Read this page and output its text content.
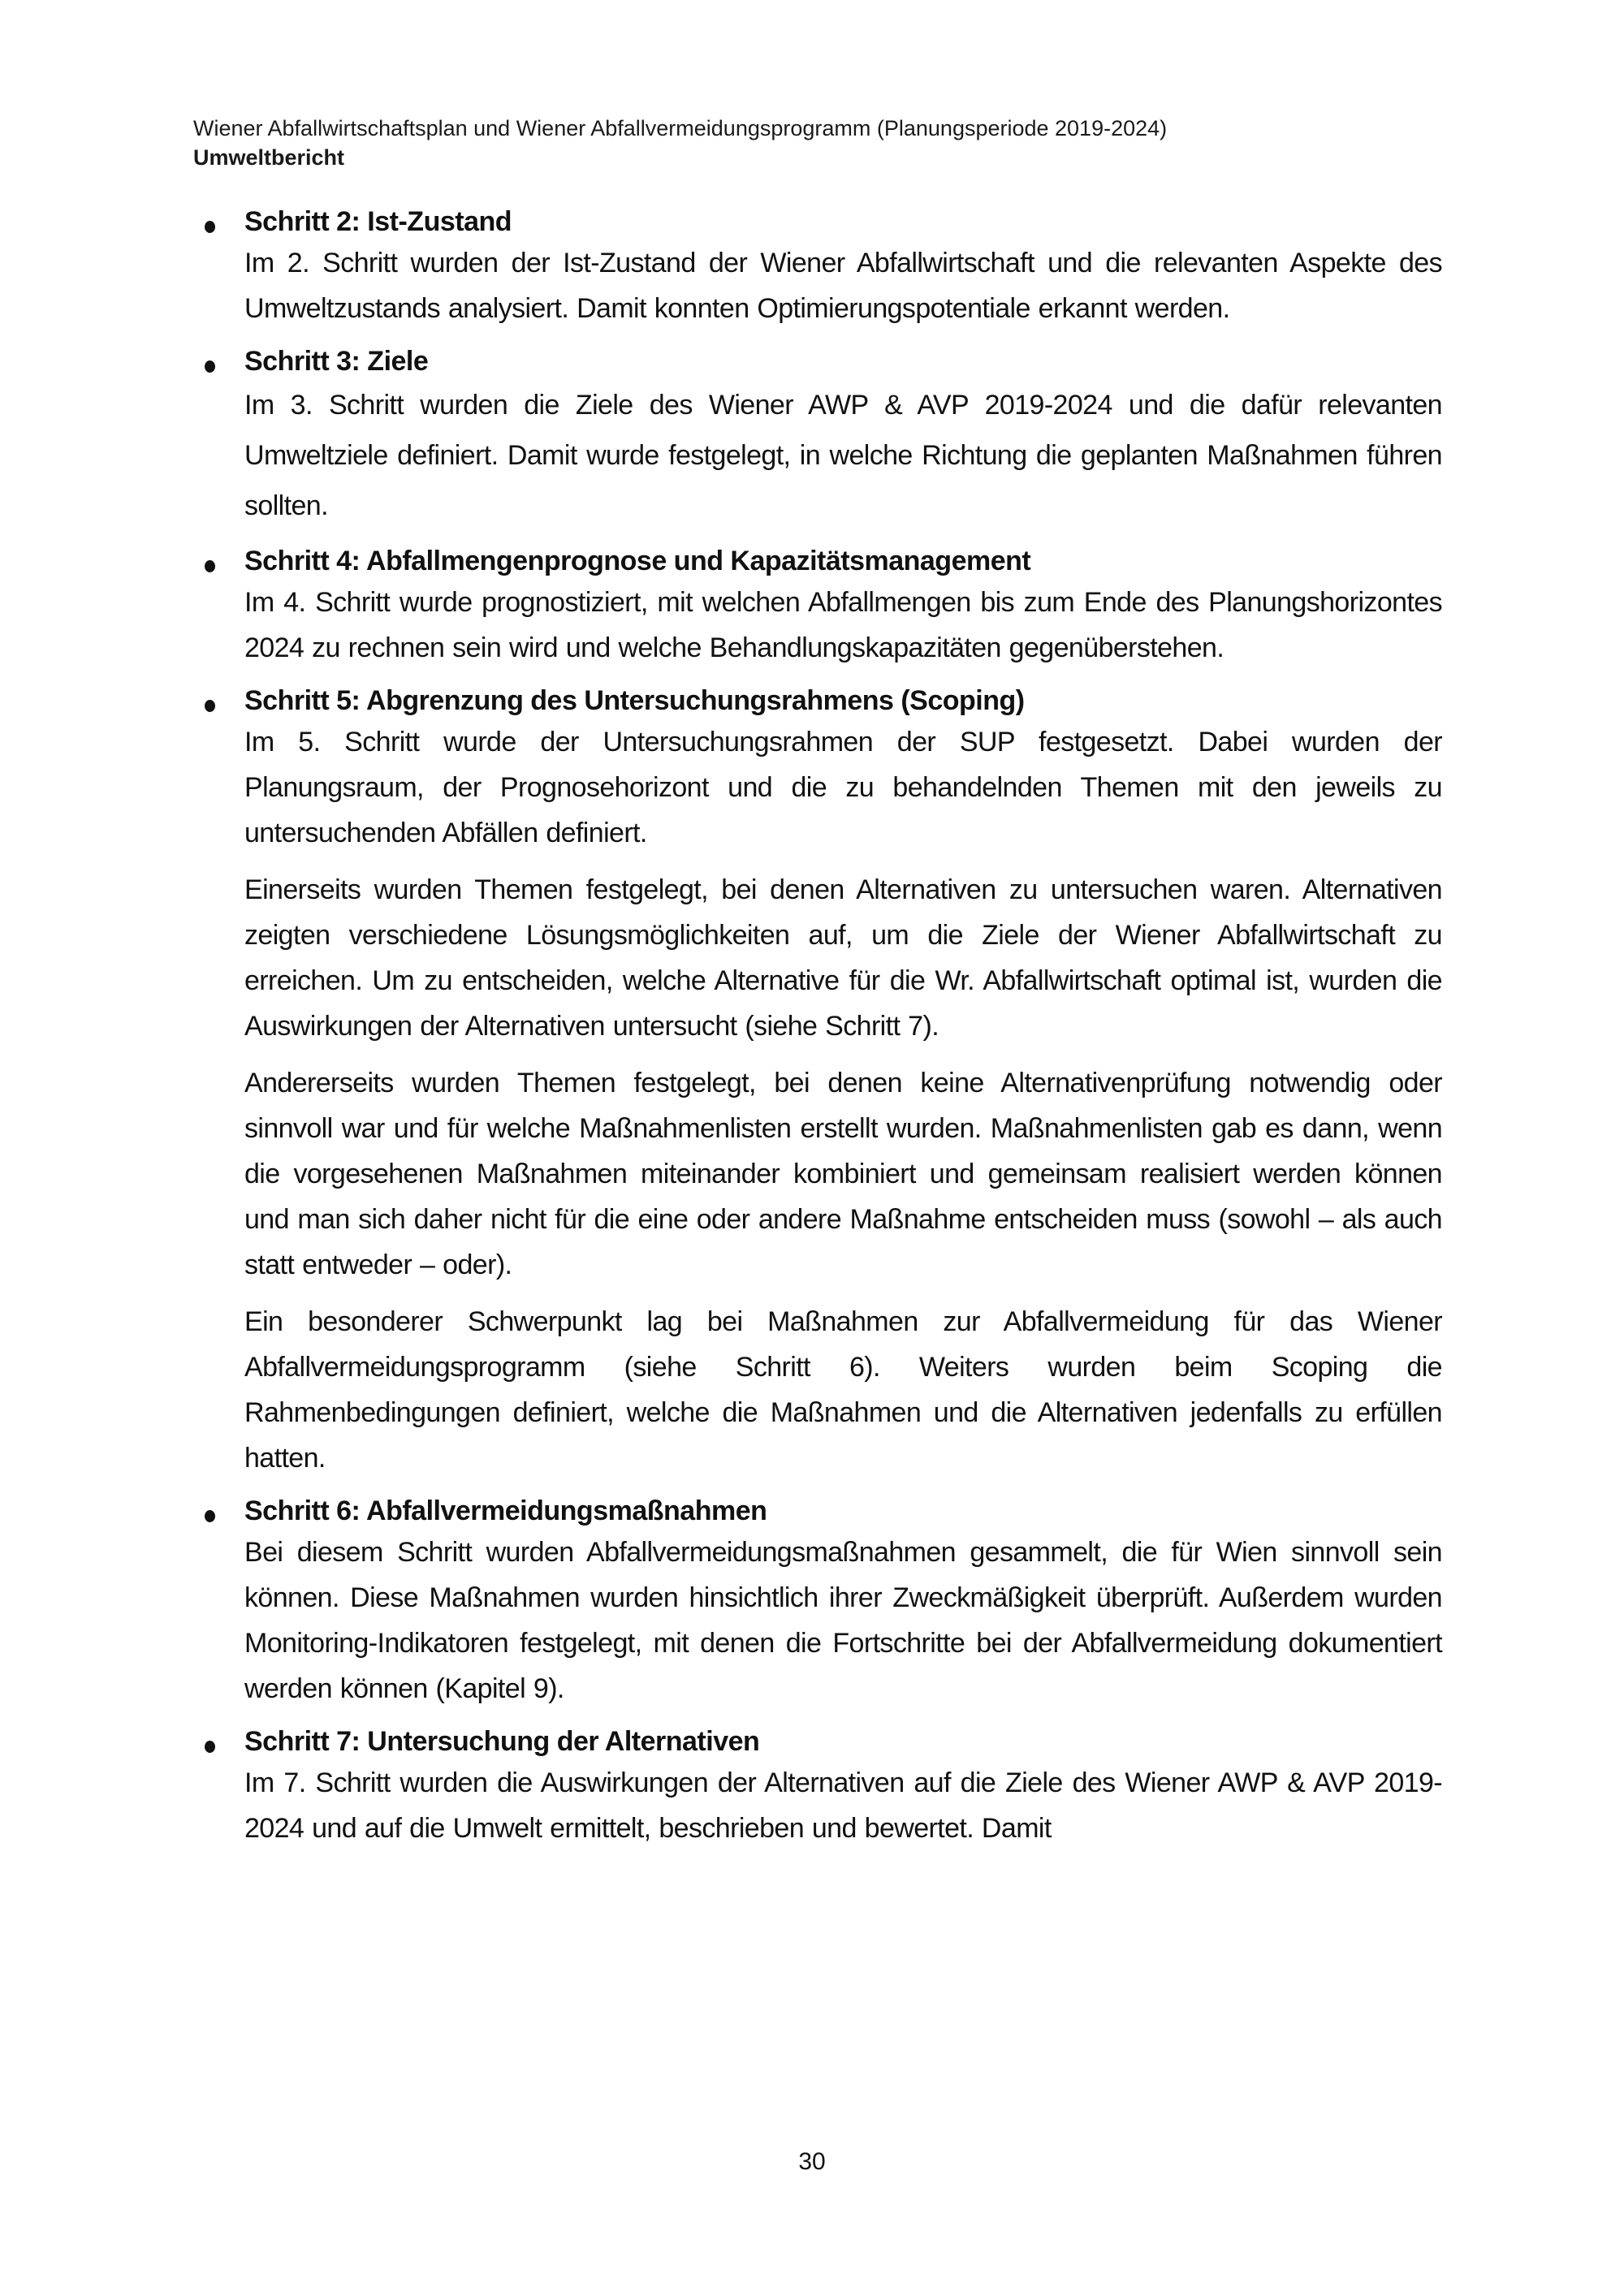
Wiener Abfallwirtschaftsplan und Wiener Abfallvermeidungsprogramm (Planungsperiode 2019-2024)
Umweltbericht
Schritt 2: Ist-Zustand
Im 2. Schritt wurden der Ist-Zustand der Wiener Abfallwirtschaft und die relevanten Aspekte des Umweltzustands analysiert. Damit konnten Optimierungspotentiale erkannt werden.
Schritt 3: Ziele
Im 3. Schritt wurden die Ziele des Wiener AWP & AVP 2019-2024 und die dafür relevanten Umweltziele definiert. Damit wurde festgelegt, in welche Richtung die geplanten Maßnahmen führen sollten.
Schritt 4: Abfallmengenprognose und Kapazitätsmanagement
Im 4. Schritt wurde prognostiziert, mit welchen Abfallmengen bis zum Ende des Planungshorizontes 2024 zu rechnen sein wird und welche Behandlungskapazitäten gegenüberstehen.
Schritt 5: Abgrenzung des Untersuchungsrahmens (Scoping)
Im 5. Schritt wurde der Untersuchungsrahmen der SUP festgesetzt. Dabei wurden der Planungsraum, der Prognosehorizont und die zu behandelnden Themen mit den jeweils zu untersuchenden Abfällen definiert.
Einerseits wurden Themen festgelegt, bei denen Alternativen zu untersuchen waren. Alternativen zeigten verschiedene Lösungsmöglichkeiten auf, um die Ziele der Wiener Abfallwirtschaft zu erreichen. Um zu entscheiden, welche Alternative für die Wr. Abfallwirtschaft optimal ist, wurden die Auswirkungen der Alternativen untersucht (siehe Schritt 7).
Andererseits wurden Themen festgelegt, bei denen keine Alternativenprüfung notwendig oder sinnvoll war und für welche Maßnahmenlisten erstellt wurden. Maßnahmenlisten gab es dann, wenn die vorgesehenen Maßnahmen miteinander kombiniert und gemeinsam realisiert werden können und man sich daher nicht für die eine oder andere Maßnahme entscheiden muss (sowohl – als auch statt entweder – oder).
Ein besonderer Schwerpunkt lag bei Maßnahmen zur Abfallvermeidung für das Wiener Abfallvermeidungsprogramm (siehe Schritt 6). Weiters wurden beim Scoping die Rahmenbedingungen definiert, welche die Maßnahmen und die Alternativen jedenfalls zu erfüllen hatten.
Schritt 6: Abfallvermeidungsmaßnahmen
Bei diesem Schritt wurden Abfallvermeidungsmaßnahmen gesammelt, die für Wien sinnvoll sein können. Diese Maßnahmen wurden hinsichtlich ihrer Zweckmäßigkeit überprüft. Außerdem wurden Monitoring-Indikatoren festgelegt, mit denen die Fortschritte bei der Abfallvermeidung dokumentiert werden können (Kapitel 9).
Schritt 7: Untersuchung der Alternativen
Im 7. Schritt wurden die Auswirkungen der Alternativen auf die Ziele des Wiener AWP & AVP 2019-2024 und auf die Umwelt ermittelt, beschrieben und bewertet. Damit
30
